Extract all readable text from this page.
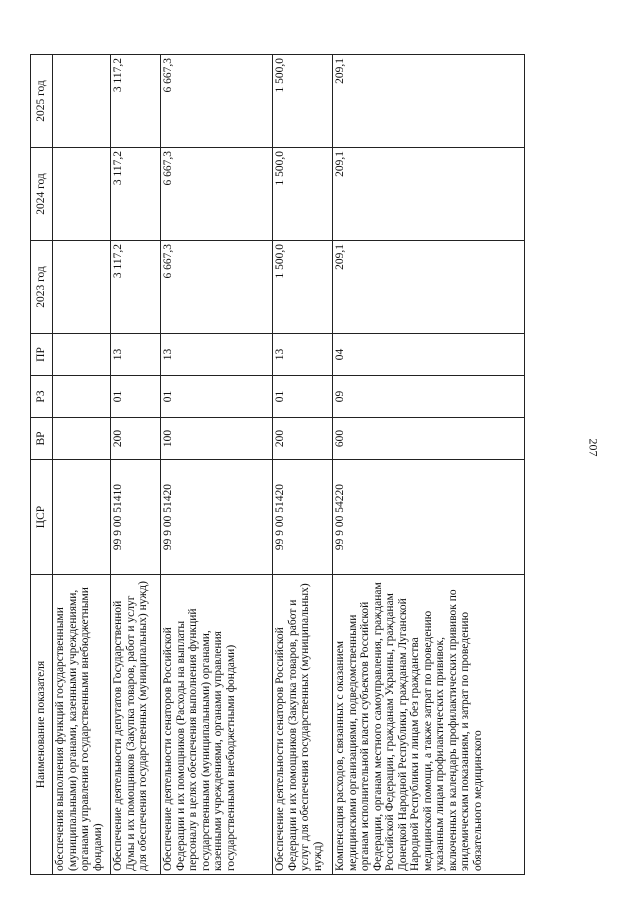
207
Наименование показателя	ЦСР	ВР	РЗ	ПР	2023 год	2024 год	2025 год
обеспечения выполнения функций государственными (муниципальными) органами, казенными учреждениями, органами управления государственными внебюджетными фондами)							
Обеспечение деятельности депутатов Государственной Думы и их помощников (Закупка товаров, работ и услуг для обеспечения государственных (муниципальных) нужд)	99 9 00 51410	200	01	13	3 117,2	3 117,2	3 117,2
Обеспечение деятельности сенаторов Российской Федерации и их помощников (Расходы на выплаты персоналу в целях обеспечения выполнения функций государственными (муниципальными) органами, казенными учреждениями, органами управления государственными внебюджетными фондами)	99 9 00 51420	100	01	13	6 667,3	6 667,3	6 667,3
Обеспечение деятельности сенаторов Российской Федерации и их помощников (Закупка товаров, работ и услуг для обеспечения государственных (муниципальных) нужд)	99 9 00 51420	200	01	13	1 500,0	1 500,0	1 500,0
Компенсация расходов, связанных с оказанием медицинскими организациями, подведомственными органам исполнительной власти субъектов Российской Федерации, органам местного самоуправления, гражданам Российской Федерации, гражданам Украины, гражданам Донецкой Народной Республики, гражданам Луганской Народной Республики и лицам без гражданства медицинской помощи, а также затрат по проведению указанным лицам профилактических прививок, включенных в календарь профилактических прививок по эпидемическим показаниям, и затрат по проведению обязательного медицинского	99 9 00 54220	600	09	04	209,1	209,1	209,1
